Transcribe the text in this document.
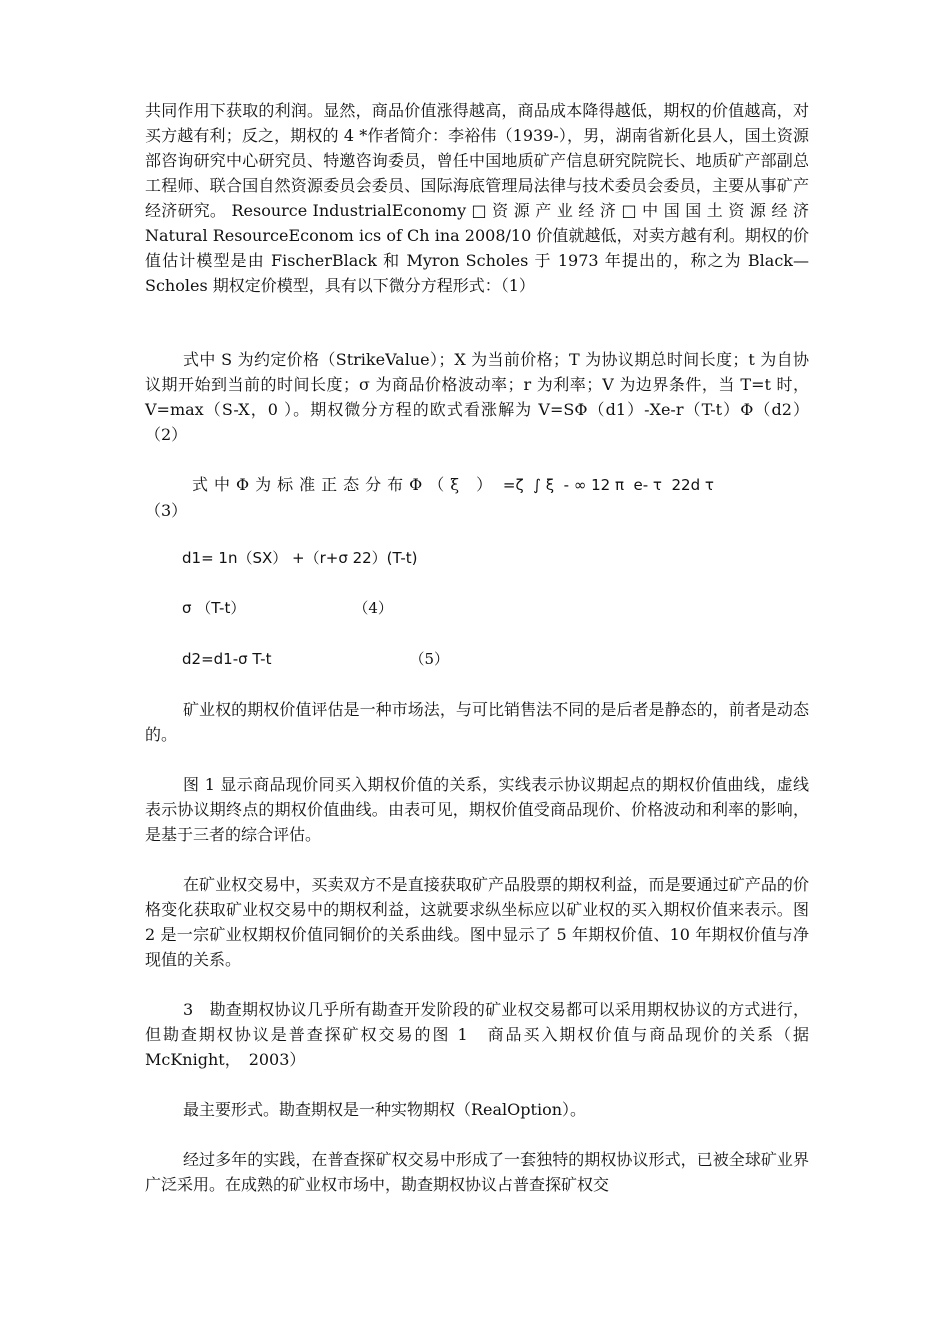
共同作用下获取的利润。显然，商品价值涨得越高，商品成本降得越低，期权的价值越高，对买方越有利；反之，期权的 4 *作者简介：李裕伟（1939-），男，湖南省新化县人，国土资源部咨询研究中心研究员、特邀咨询委员，曾任中国地质矿产信息研究院院长、地质矿产部副总工程师、联合国自然资源委员会委员、国际海底管理局法律与技术委员会委员，主要从事矿产经济研究。 Resource IndustrialEconomy □ 资 源 产 业 经 济 □ 中 国 国 土 资 源 经 济 Natural ResourceEconom ics of Ch ina 2008/10 价值就越低，对卖方越有利。期权的价值估计模型是由 FischerBlack 和 Myron Scholes 于 1973 年提出的，称之为 Black—Scholes 期权定价模型，具有以下微分方程形式：（1）

式中 S 为约定价格（StrikeValue）；X 为当前价格；T 为协议期总时间长度；t 为自协议期开始到当前的时间长度；σ 为商品价格波动率；r 为利率；V 为边界条件，当 T=t 时，V=max（S-X，0 ）。期权微分方程的欧式看涨解为 V=SΦ（d1）-Xe-r（T-t）Φ（d2） （2）

式中Φ为标准正态分布Φ（ξ ） =ζ  ∫ ξ  - ∞ 12 π  e- τ  22d τ
（3）

d1= 1n（SX） +（r+σ 22）(T-t)

σ （T-t）	（4）

d2=d1-σ T-t	（5）

矿业权的期权价值评估是一种市场法，与可比销售法不同的是后者是静态的，前者是动态的。

图 1 显示商品现价同买入期权价值的关系，实线表示协议期起点的期权价值曲线，虚线表示协议期终点的期权价值曲线。由表可见，期权价值受商品现价、价格波动和利率的影响，是基于三者的综合评估。

在矿业权交易中，买卖双方不是直接获取矿产品股票的期权利益，而是要通过矿产品的价格变化获取矿业权交易中的期权利益，这就要求纵坐标应以矿业权的买入期权价值来表示。图 2 是一宗矿业权期权价值同铜价的关系曲线。图中显示了 5 年期权价值、10 年期权价值与净现值的关系。

3　勘查期权协议几乎所有勘查开发阶段的矿业权交易都可以采用期权协议的方式进行，但勘查期权协议是普查探矿权交易的图 1　商品买入期权价值与商品现价的关系（据 McKnight，　2003）

最主要形式。勘查期权是一种实物期权（RealOption）。

经过多年的实践，在普查探矿权交易中形成了一套独特的期权协议形式，已被全球矿业界广泛采用。在成熟的矿业权市场中，勘查期权协议占普查探矿权交
